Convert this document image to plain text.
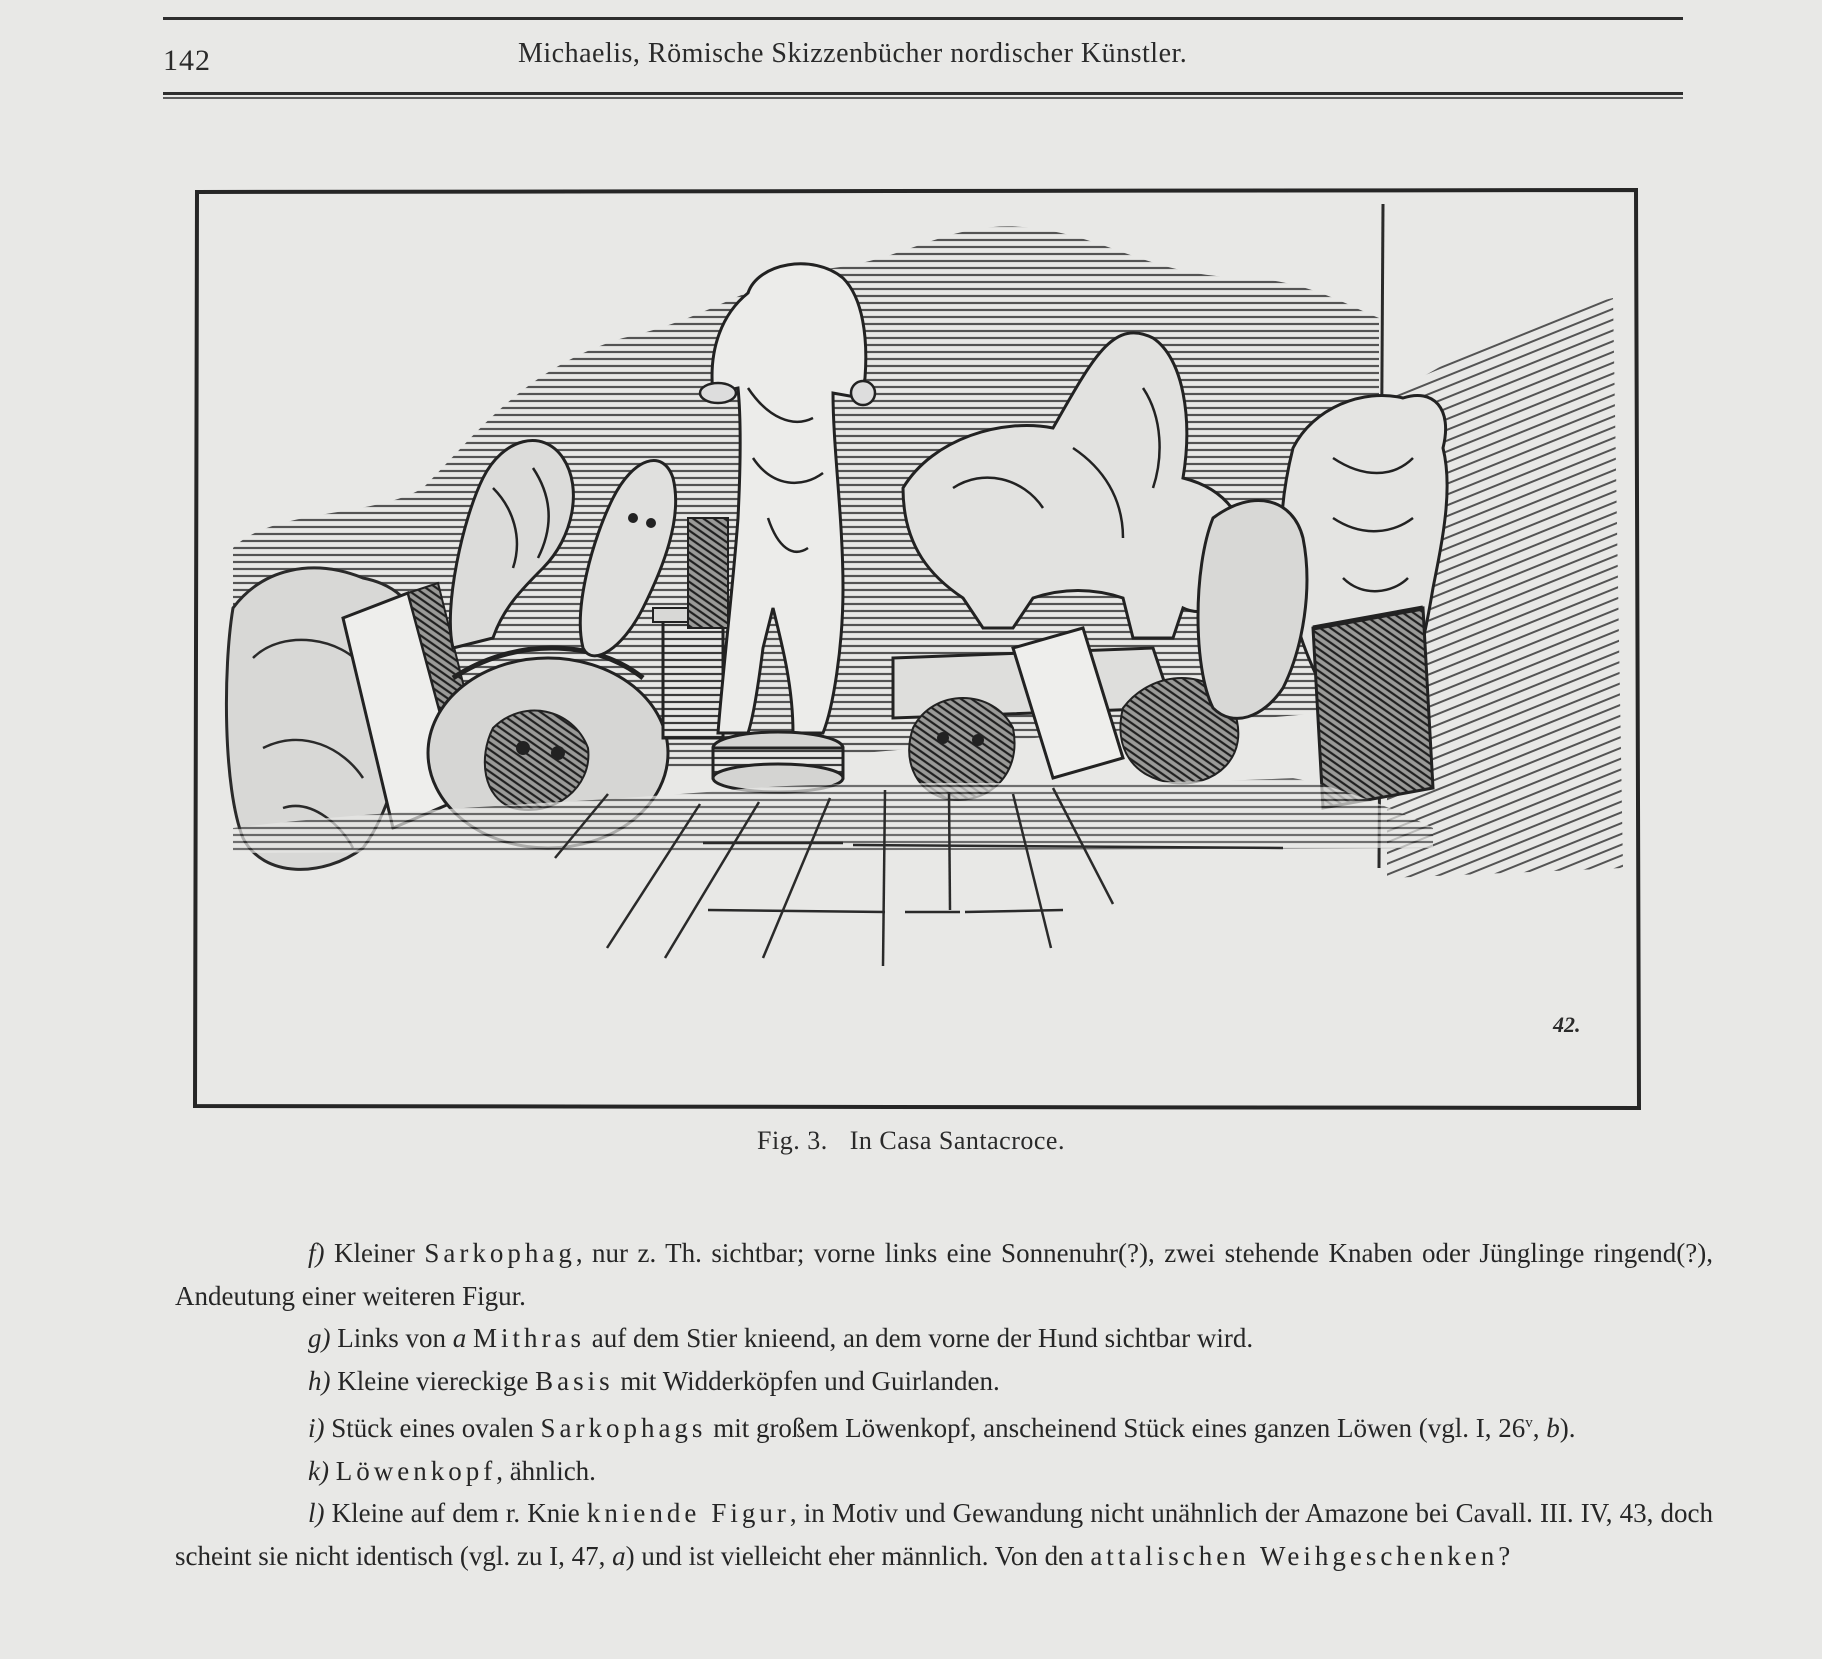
142	Michaelis, Römische Skizzenbücher nordischer Künstler.
42.
Fig. 3. In Casa Santacroce.

f) Kleiner Sarkophag, nur z. Th. sichtbar; vorne links eine Sonnenuhr(?), zwei stehende Knaben oder Jünglinge ringend(?), Andeutung einer weiteren Figur.

g) Links von a Mithras auf dem Stier knieend, an dem vorne der Hund sichtbar wird.

h) Kleine viereckige Basis mit Widderköpfen und Guirlanden.

i) Stück eines ovalen Sarkophags mit großem Löwenkopf, anscheinend Stück eines ganzen Löwen (vgl. I, 26$^v$, b).

k) Löwenkopf, ähnlich.

l) Kleine auf dem r. Knie kniende Figur, in Motiv und Gewandung nicht unähnlich der Amazone bei Cavall. III. IV, 43, doch scheint sie nicht identisch (vgl. zu I, 47, a) und ist vielleicht eher männlich. Von den attalischen Weihgeschenken?
